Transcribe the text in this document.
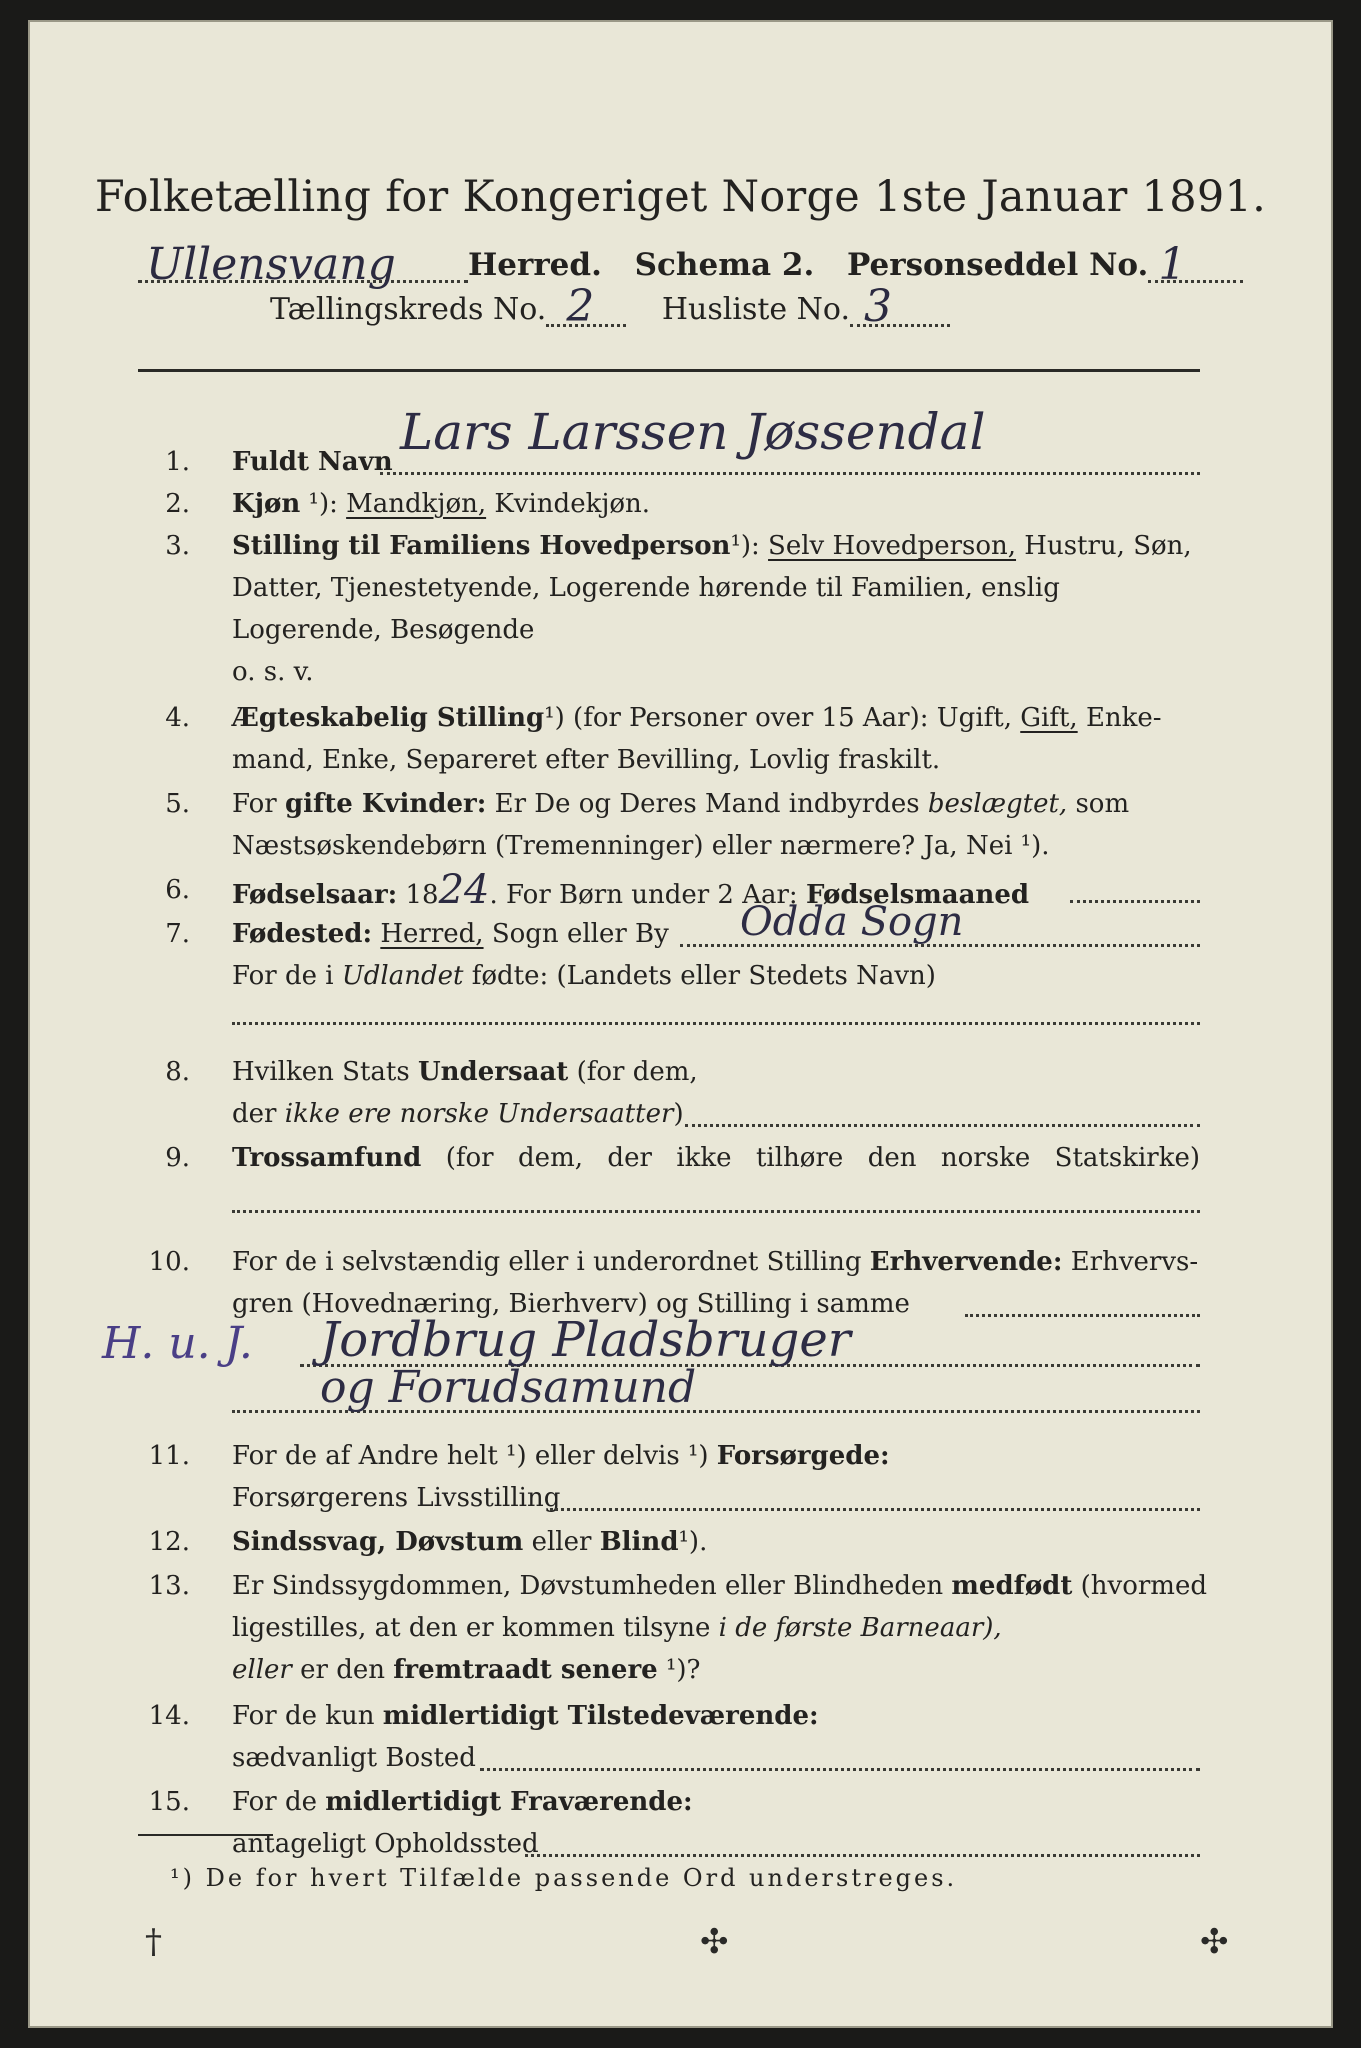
Folketælling for Kongeriget Norge 1ste Januar 1891.
Ullensvang Herred. Schema 2. Personseddel No. 1
Tællingskreds No. 2 Husliste No. 3
1. Fuldt Navn
Lars Larssen Jøssendal
2. Kjøn ¹): Mandkjøn, Kvindekjøn.
3. Stilling til Familiens Hovedperson¹): Selv Hovedperson, Hustru, Søn,
Datter, Tjenestetyende, Logerende hørende til Familien, enslig
Logerende, Besøgende
o. s. v.
4. Ægteskabelig Stilling¹) (for Personer over 15 Aar): Ugift, Gift, Enke-
mand, Enke, Separeret efter Bevilling, Lovlig fraskilt.
5. For gifte Kvinder: Er De og Deres Mand indbyrdes beslægtet, som
Næstsøskendebørn (Tremenninger) eller nærmere? Ja, Nei ¹).
6. Fødselsaar: 1824. For Børn under 2 Aar: Fødselsmaaned
7. Fødested: Herred, Sogn eller By Odda Sogn
For de i Udlandet fødte: (Landets eller Stedets Navn)
8. Hvilken Stats Undersaat (for dem,
der ikke ere norske Undersaatter)
9. Trossamfund (for dem, der ikke tilhøre den norske Statskirke)
10. For de i selvstændig eller i underordnet Stilling Erhvervende: Erhvervs-
gren (Hovednæring, Bierhverv) og Stilling i samme
H. u. J. Jordbrug Pladsbruger
og Forudsamund
11. For de af Andre helt ¹) eller delvis ¹) Forsørgede:
Forsørgerens Livsstilling
12. Sindssvag, Døvstum eller Blind¹).
13. Er Sindssygdommen, Døvstumheden eller Blindheden medfødt (hvormed
ligestilles, at den er kommen tilsyne i de første Barneaar),
eller er den fremtraadt senere ¹)?
14. For de kun midlertidigt Tilstedeværende:
sædvanligt Bosted
15. For de midlertidigt Fraværende:
antageligt Opholdssted
¹) De for hvert Tilfælde passende Ord understreges.
†	✣	✣
